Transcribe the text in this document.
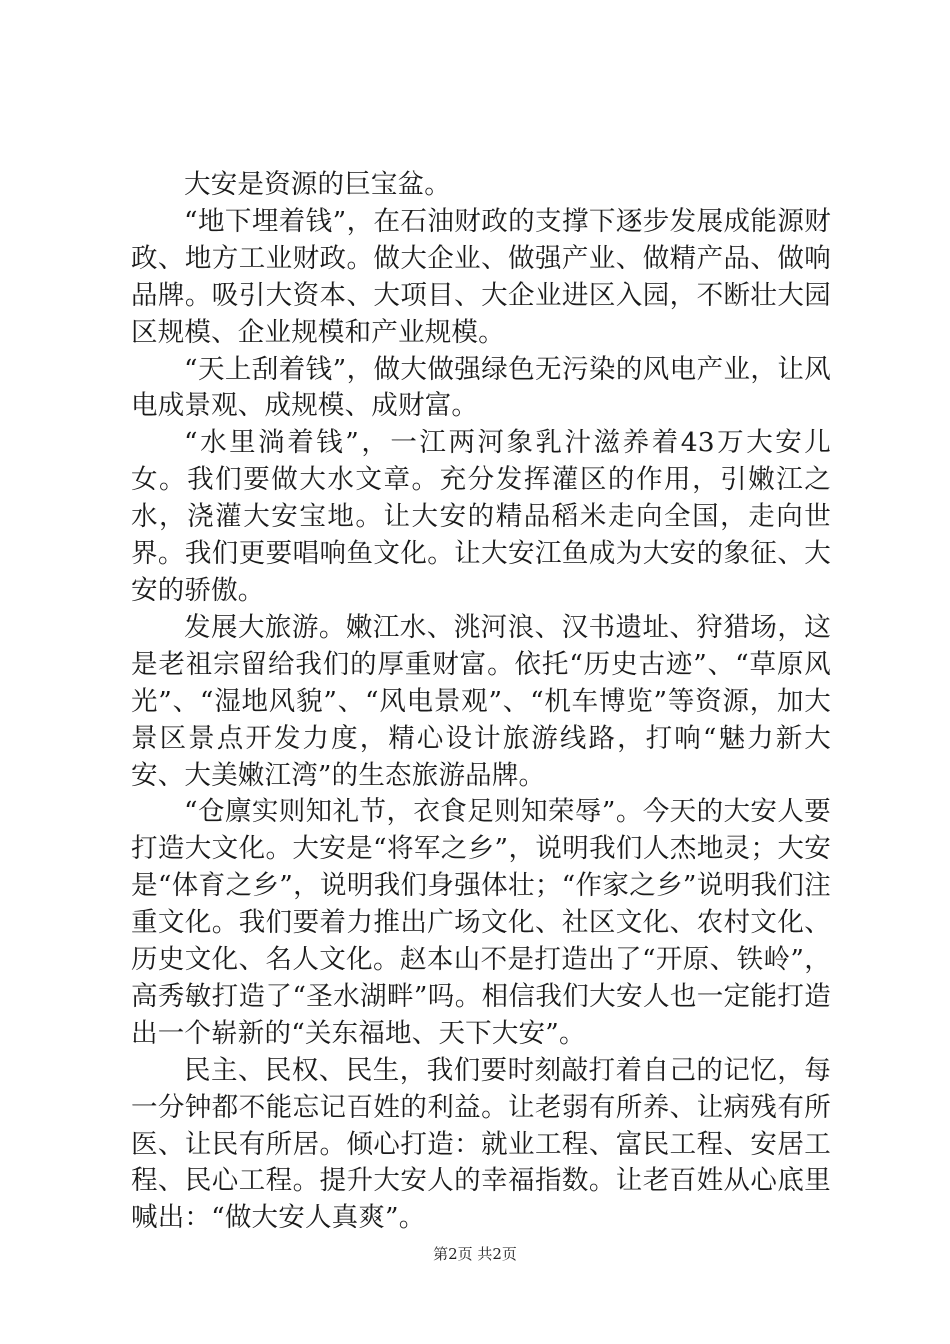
大安是资源的巨宝盆。

“地下埋着钱”，在石油财政的支撑下逐步发展成能源财政、地方工业财政。做大企业、做强产业、做精产品、做响品牌。吸引大资本、大项目、大企业进区入园，不断壮大园区规模、企业规模和产业规模。

“天上刮着钱”，做大做强绿色无污染的风电产业，让风电成景观、成规模、成财富。

“水里淌着钱”，一江两河象乳汁滋养着43万大安儿女。我们要做大水文章。充分发挥灌区的作用，引嫩江之水，浇灌大安宝地。让大安的精品稻米走向全国，走向世界。我们更要唱响鱼文化。让大安江鱼成为大安的象征、大安的骄傲。

发展大旅游。嫩江水、洮河浪、汉书遗址、狩猎场，这是老祖宗留给我们的厚重财富。依托“历史古迹”、“草原风光”、“湿地风貌”、“风电景观”、“机车博览”等资源，加大景区景点开发力度，精心设计旅游线路，打响“魅力新大安、大美嫩江湾”的生态旅游品牌。

“仓廪实则知礼节，衣食足则知荣辱”。今天的大安人要打造大文化。大安是“将军之乡”，说明我们人杰地灵；大安是“体育之乡”，说明我们身强体壮；“作家之乡”说明我们注重文化。我们要着力推出广场文化、社区文化、农村文化、历史文化、名人文化。赵本山不是打造出了“开原、铁岭”，高秀敏打造了“圣水湖畔”吗。相信我们大安人也一定能打造出一个崭新的“关东福地、天下大安”。

民主、民权、民生，我们要时刻敲打着自己的记忆，每一分钟都不能忘记百姓的利益。让老弱有所养、让病残有所医、让民有所居。倾心打造：就业工程、富民工程、安居工程、民心工程。提升大安人的幸福指数。让老百姓从心底里喊出：“做大安人真爽”。

第2页 共2页
